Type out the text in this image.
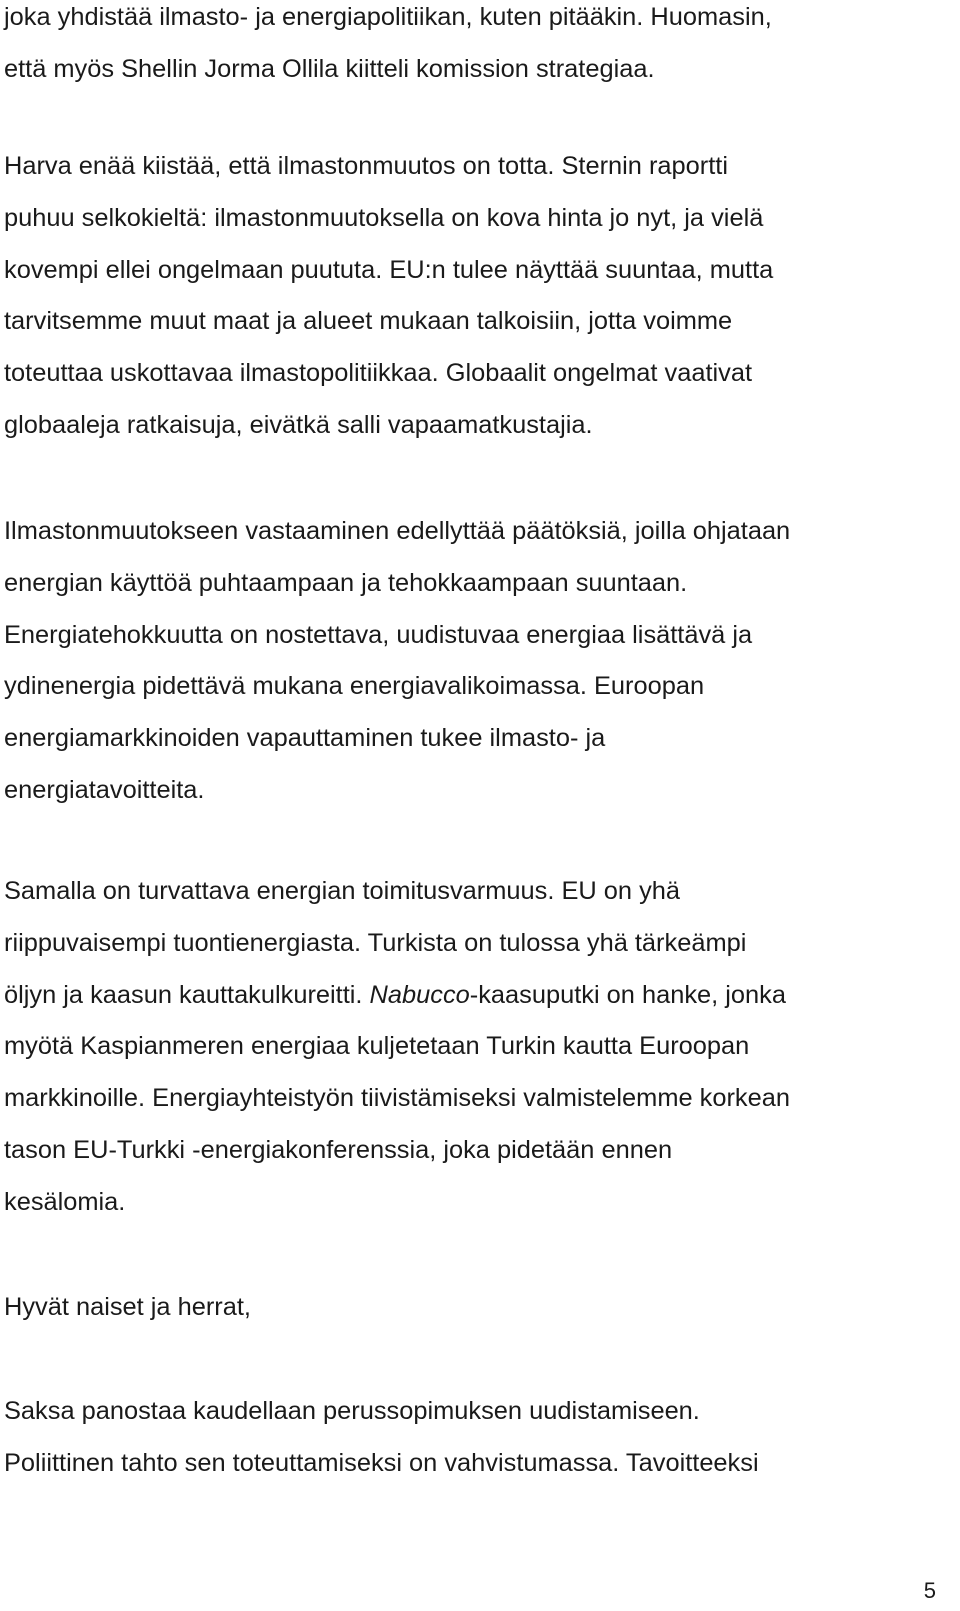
joka yhdistää ilmasto- ja energiapolitiikan, kuten pitääkin. Huomasin,
että myös Shellin Jorma Ollila kiitteli komission strategiaa.
Harva enää kiistää, että ilmastonmuutos on totta. Sternin raportti
puhuu selkokieltä: ilmastonmuutoksella on kova hinta jo nyt, ja vielä
kovempi ellei ongelmaan puututa. EU:n tulee näyttää suuntaa, mutta
tarvitsemme muut maat ja alueet mukaan talkoisiin, jotta voimme
toteuttaa uskottavaa ilmastopolitiikkaa. Globaalit ongelmat vaativat
globaaleja ratkaisuja, eivätkä salli vapaamatkustajia.
Ilmastonmuutokseen vastaaminen edellyttää päätöksiä, joilla ohjataan
energian käyttöä puhtaampaan ja tehokkaampaan suuntaan.
Energiatehokkuutta on nostettava, uudistuvaa energiaa lisättävä ja
ydinenergia pidettävä mukana energiavalikoimassa. Euroopan
energiamarkkinoiden vapauttaminen tukee ilmasto- ja
energiatavoitteita.
Samalla on turvattava energian toimitusvarmuus. EU on yhä
riippuvaisempi tuontienergiasta. Turkista on tulossa yhä tärkeämpi
öljyn ja kaasun kauttakulkureitti. Nabucco-kaasuputki on hanke, jonka
myötä Kaspianmeren energiaa kuljetetaan Turkin kautta Euroopan
markkinoille. Energiayhteistyön tiivistämiseksi valmistelemme korkean
tason EU-Turkki -energiakonferenssia, joka pidetään ennen
kesälomia.
Hyvät naiset ja herrat,
Saksa panostaa kaudellaan perussopimuksen uudistamiseen.
Poliittinen tahto sen toteuttamiseksi on vahvistumassa. Tavoitteeksi
5
